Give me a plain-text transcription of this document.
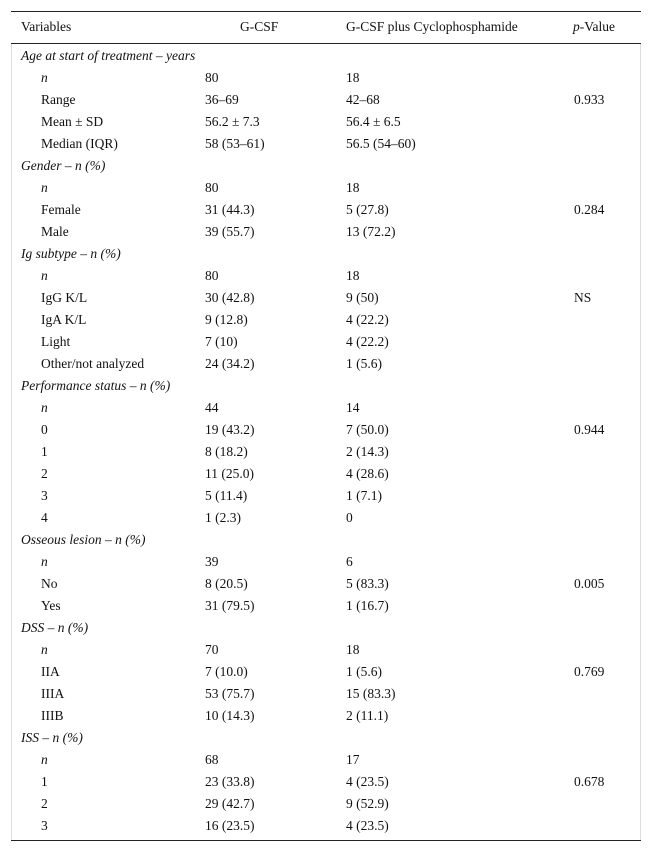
Variables	G-CSF	G-CSF plus Cyclophosphamide	p-Value
Age at start of treatment – years
n	80	18
Range	36–69	42–68	0.933
Mean ± SD	56.2 ± 7.3	56.4 ± 6.5
Median (IQR)	58 (53–61)	56.5 (54–60)
Gender – n (%)
n	80	18
Female	31 (44.3)	5 (27.8)	0.284
Male	39 (55.7)	13 (72.2)
Ig subtype – n (%)
n	80	18
IgG K/L	30 (42.8)	9 (50)	NS
IgA K/L	9 (12.8)	4 (22.2)
Light	7 (10)	4 (22.2)
Other/not analyzed	24 (34.2)	1 (5.6)
Performance status – n (%)
n	44	14
0	19 (43.2)	7 (50.0)	0.944
1	8 (18.2)	2 (14.3)
2	11 (25.0)	4 (28.6)
3	5 (11.4)	1 (7.1)
4	1 (2.3)	0
Osseous lesion – n (%)
n	39	6
No	8 (20.5)	5 (83.3)	0.005
Yes	31 (79.5)	1 (16.7)
DSS – n (%)
n	70	18
IIA	7 (10.0)	1 (5.6)	0.769
IIIA	53 (75.7)	15 (83.3)
IIIB	10 (14.3)	2 (11.1)
ISS – n (%)
n	68	17
1	23 (33.8)	4 (23.5)	0.678
2	29 (42.7)	9 (52.9)
3	16 (23.5)	4 (23.5)
